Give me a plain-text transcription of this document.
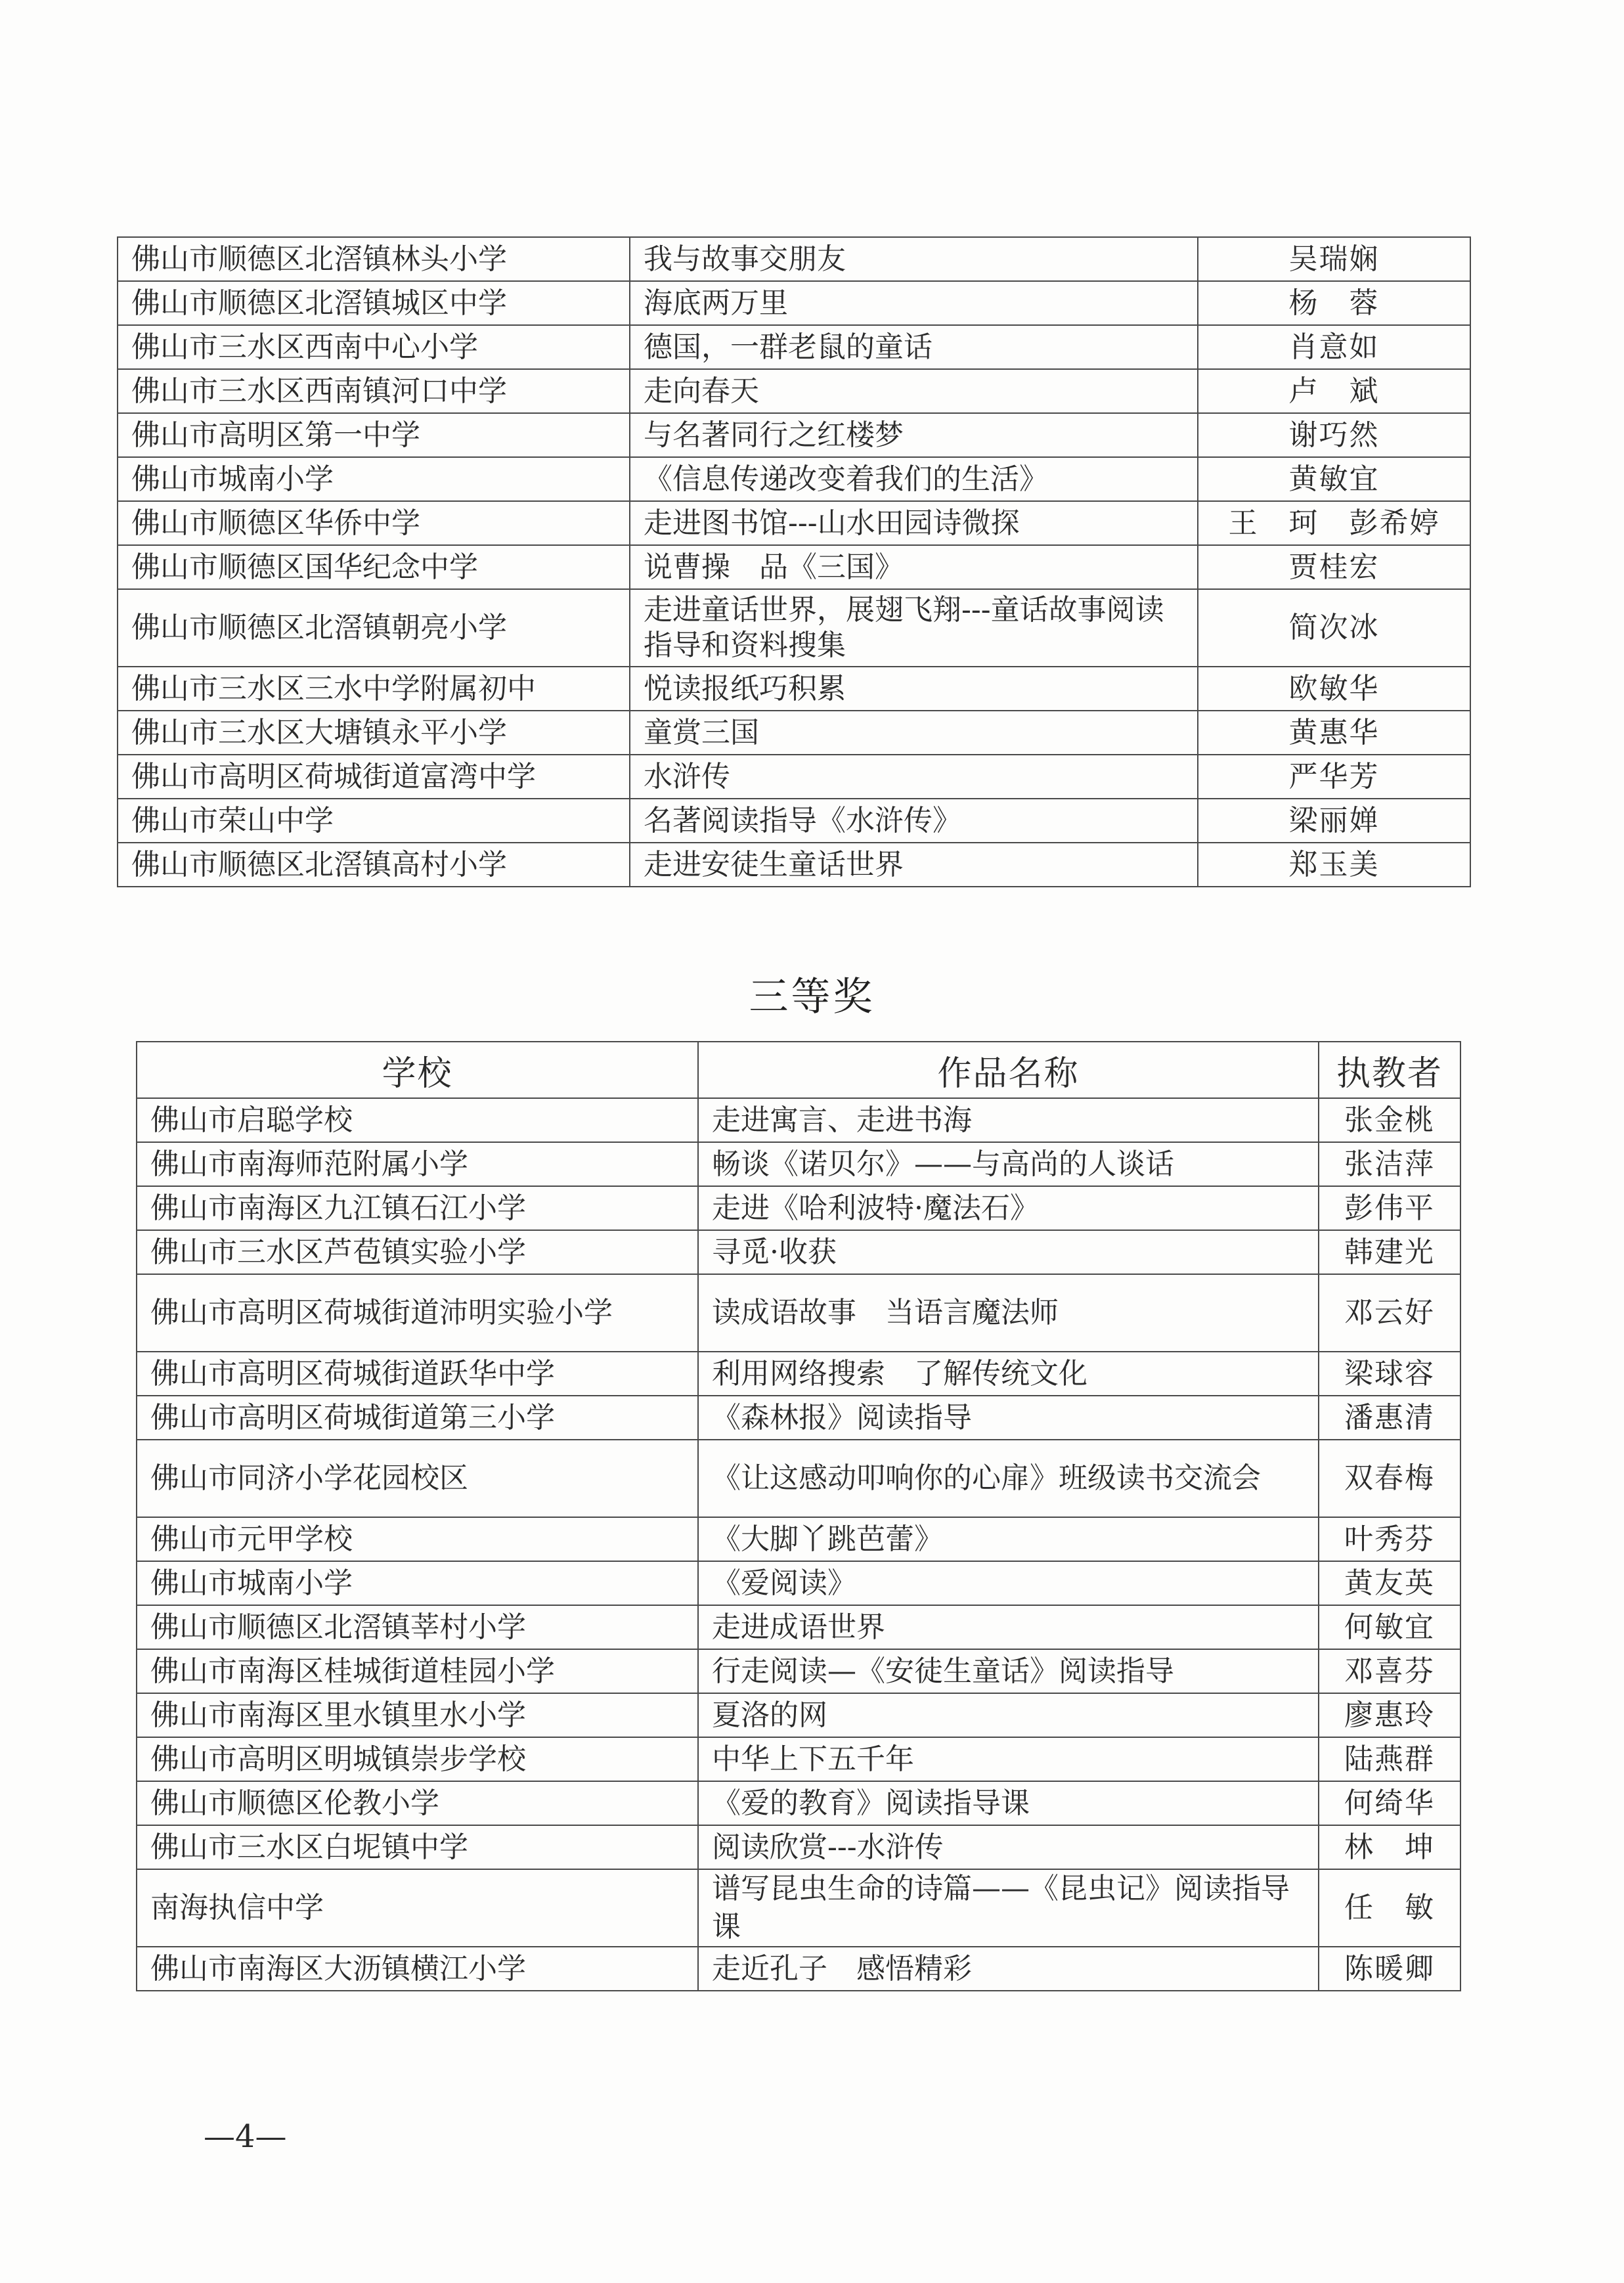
佛山市顺德区北滘镇林头小学	我与故事交朋友	吴瑞娴
佛山市顺德区北滘镇城区中学	海底两万里	杨　蓉
佛山市三水区西南中心小学	德国，一群老鼠的童话	肖意如
佛山市三水区西南镇河口中学	走向春天	卢　斌
佛山市高明区第一中学	与名著同行之红楼梦	谢巧然
佛山市城南小学	《信息传递改变着我们的生活》	黄敏宜
佛山市顺德区华侨中学	走进图书馆---山水田园诗微探	王　珂　彭希婷
佛山市顺德区国华纪念中学	说曹操　品《三国》	贾桂宏
佛山市顺德区北滘镇朝亮小学	走进童话世界，展翅飞翔---童话故事阅读指导和资料搜集	简次冰
佛山市三水区三水中学附属初中	悦读报纸巧积累	欧敏华
佛山市三水区大塘镇永平小学	童赏三国	黄惠华
佛山市高明区荷城街道富湾中学	水浒传	严华芳
佛山市荣山中学	名著阅读指导《水浒传》	梁丽婵
佛山市顺德区北滘镇高村小学	走进安徒生童话世界	郑玉美
三等奖
学校	作品名称	执教者
佛山市启聪学校	走进寓言、走进书海	张金桃
佛山市南海师范附属小学	畅谈《诺贝尔》——与高尚的人谈话	张洁萍
佛山市南海区九江镇石江小学	走进《哈利波特·魔法石》	彭伟平
佛山市三水区芦苞镇实验小学	寻觅·收获	韩建光
佛山市高明区荷城街道沛明实验小学	读成语故事　当语言魔法师	邓云好
佛山市高明区荷城街道跃华中学	利用网络搜索　了解传统文化	梁球容
佛山市高明区荷城街道第三小学	《森林报》阅读指导	潘惠清
佛山市同济小学花园校区	《让这感动叩响你的心扉》班级读书交流会	双春梅
佛山市元甲学校	《大脚丫跳芭蕾》	叶秀芬
佛山市城南小学	《爱阅读》	黄友英
佛山市顺德区北滘镇莘村小学	走进成语世界	何敏宜
佛山市南海区桂城街道桂园小学	行走阅读—《安徒生童话》阅读指导	邓喜芬
佛山市南海区里水镇里水小学	夏洛的网	廖惠玲
佛山市高明区明城镇崇步学校	中华上下五千年	陆燕群
佛山市顺德区伦教小学	《爱的教育》阅读指导课	何绮华
佛山市三水区白坭镇中学	阅读欣赏---水浒传	林　坤
南海执信中学	谱写昆虫生命的诗篇——《昆虫记》阅读指导课	任　敏
佛山市南海区大沥镇横江小学	走近孔子　感悟精彩	陈暖卿
—4—
